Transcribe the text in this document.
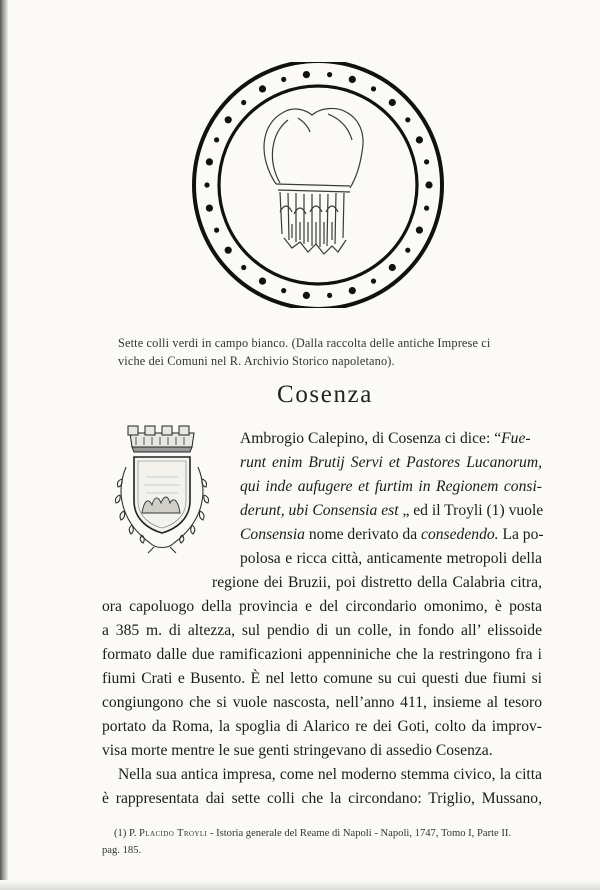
Sette colli verdi in campo bianco. (Dalla raccolta delle antiche Imprese ci
viche dei Comuni nel R. Archivio Storico napoletano).
Cosenza
Ambrogio Calepino, di Cosenza ci dice: “Fue-
runt enim Brutij Servi et Pastores Lucanorum,
qui inde aufugere et furtim in Regionem consi-
derunt, ubi Consensia est „ ed il Troyli (1) vuole
Consensia nome derivato da consedendo. La po-
polosa e ricca città, anticamente metropoli della
regione dei Bruzii, poi distretto della Calabria citra,
ora capoluogo della provincia e del circondario omonimo, è posta
a 385 m. di altezza, sul pendio di un colle, in fondo all’ elissoide
formato dalle due ramificazioni appenniniche che la restringono fra i
fiumi Crati e Busento. È nel letto comune su cui questi due fiumi si
congiungono che si vuole nascosta, nell’anno 411, insieme al tesoro
portato da Roma, la spoglia di Alarico re dei Goti, colto da improv-
visa morte mentre le sue genti stringevano di assedio Cosenza.
Nella sua antica impresa, come nel moderno stemma civico, la citta
è rappresentata dai sette colli che la circondano: Triglio, Mussano,
(1) P. Placido Troyli - Istoria generale del Reame di Napoli - Napoli, 1747, Tomo I, Parte II.
pag. 185.
